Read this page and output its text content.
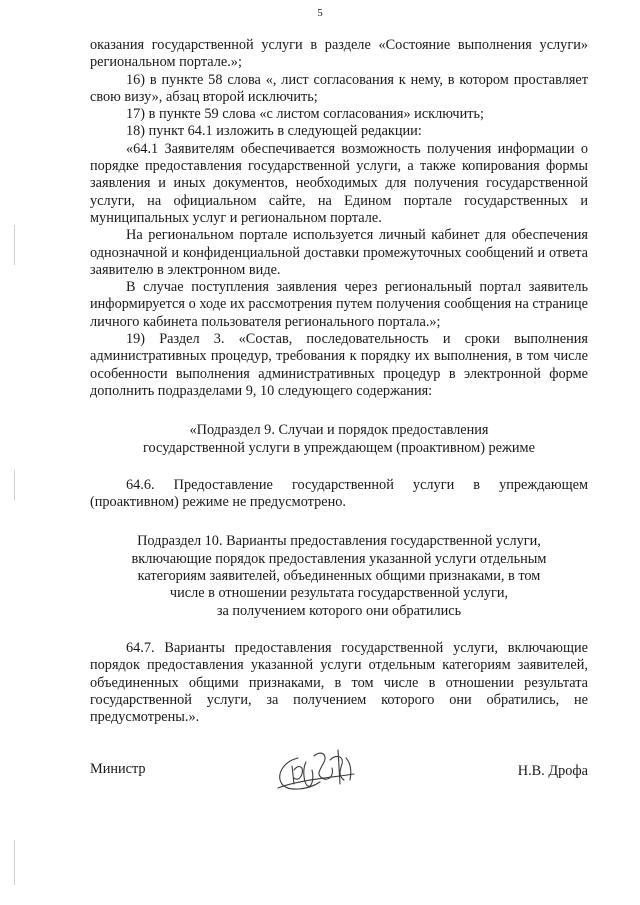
5

оказания государственной услуги в разделе «Состояние выполнения услуги» региональном портале.»;

16) в пункте 58 слова «, лист согласования к нему, в котором проставляет свою визу», абзац второй исключить;

17) в пункте 59 слова «с листом согласования» исключить;

18) пункт 64.1 изложить в следующей редакции:

«64.1 Заявителям обеспечивается возможность получения информации о порядке предоставления государственной услуги, а также копирования формы заявления и иных документов, необходимых для получения государственной услуги, на официальном сайте, на Едином портале государственных и муниципальных услуг и региональном портале.

На региональном портале используется личный кабинет для обеспечения однозначной и конфиденциальной доставки промежуточных сообщений и ответа заявителю в электронном виде.

В случае поступления заявления через региональный портал заявитель информируется о ходе их рассмотрения путем получения сообщения на странице личного кабинета пользователя регионального портала.»;

19) Раздел 3. «Состав, последовательность и сроки выполнения административных процедур, требования к порядку их выполнения, в том числе особенности выполнения административных процедур в электронной форме дополнить подразделами 9, 10 следующего содержания:

«Подраздел 9. Случаи и порядок предоставления

государственной услуги в упреждающем (проактивном) режиме

64.6. Предоставление государственной услуги в упреждающем (проактивном) режиме не предусмотрено.

Подраздел 10. Варианты предоставления государственной услуги,

включающие порядок предоставления указанной услуги отдельным

категориям заявителей, объединенных общими признаками, в том

числе в отношении результата государственной услуги,

за получением которого они обратились

64.7. Варианты предоставления государственной услуги, включающие порядок предоставления указанной услуги отдельным категориям заявителей, объединенных общими признаками, в том числе в отношении результата государственной услуги, за получением которого они обратились, не предусмотрены.».

Министр	Н.В. Дрофа
